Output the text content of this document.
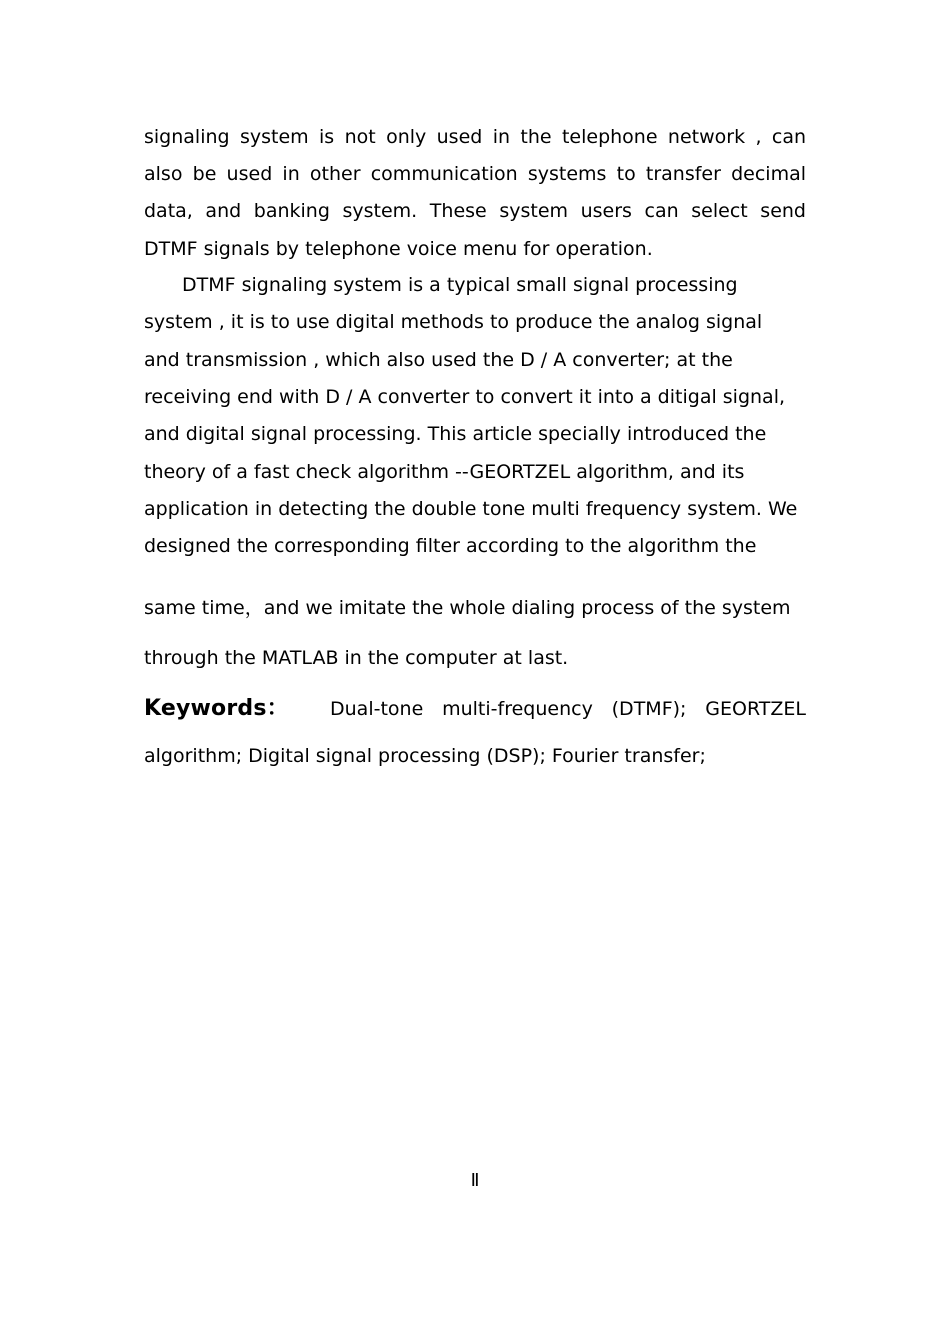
signaling system is not only used in the telephone network , can
also be used in other communication systems to transfer decimal
data, and banking system. These system users can select send
DTMF signals by telephone voice menu for operation.
DTMF signaling system is a typical small signal processing
system , it is to use digital methods to produce the analog signal
and transmission , which also used the D / A converter; at the
receiving end with D / A converter to convert it into a ditigal signal,
and digital signal processing. This article specially introduced the
theory of a fast check algorithm --GEORTZEL algorithm, and its
application in detecting the double tone multi frequency system. We
designed the corresponding filter according to the algorithm the
same time，and we imitate the whole dialing process of the system
through the MATLAB in the computer at last.
Keywords： Dual-tone multi-frequency (DTMF); GEORTZEL
algorithm; Digital signal processing (DSP); Fourier transfer;
Ⅱ
